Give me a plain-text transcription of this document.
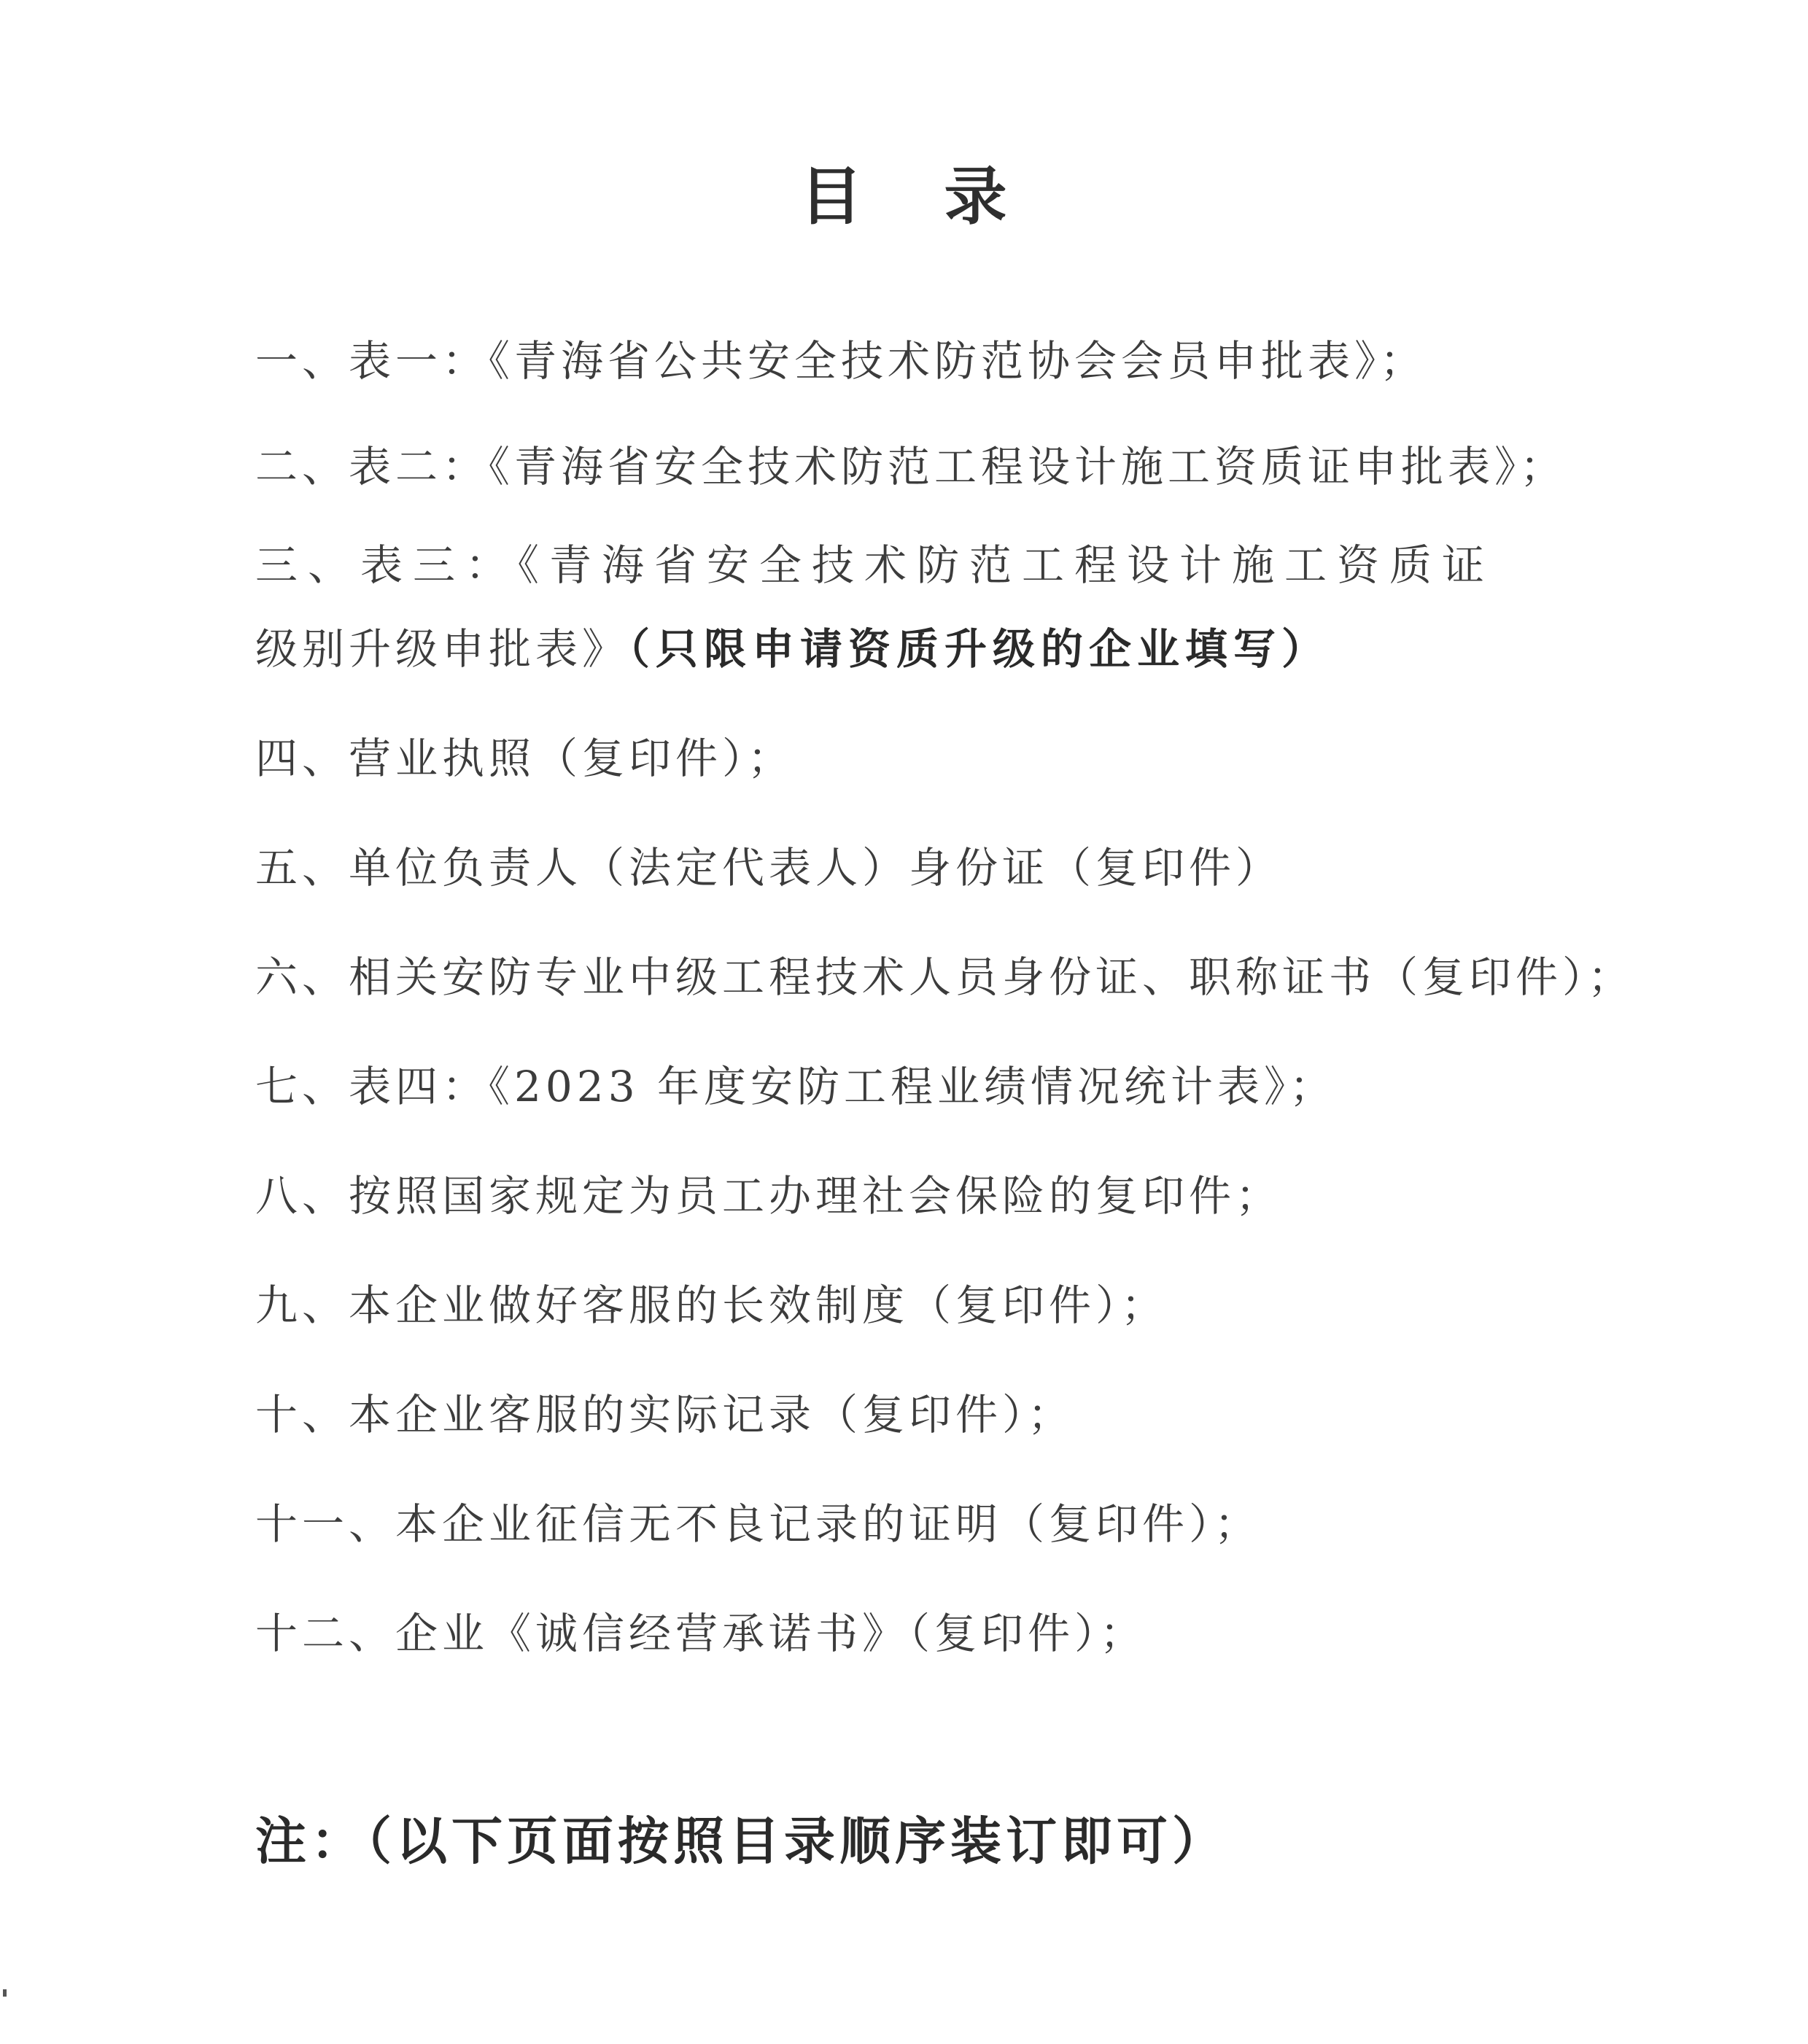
目 录
一、表一：《青海省公共安全技术防范协会会员申批表》；
二、表二：《青海省安全技术防范工程设计施工资质证申批表》；
三、表三：《青海省安全技术防范工程设计施工资质证
级别升级申批表》（只限申请资质升级的企业填写）
四、营业执照（复印件）；
五、单位负责人（法定代表人）身份证（复印件）
六、相关安防专业中级工程技术人员身份证、职称证书（复印件）；
七、表四：《2023 年度安防工程业绩情况统计表》；
八、按照国家规定为员工办理社会保险的复印件；
九、本企业做好客服的长效制度（复印件）；
十、本企业客服的实际记录（复印件）；
十一、本企业征信无不良记录的证明（复印件）；
十二、企业《诚信经营承诺书》（复印件）；
注：（以下页面按照目录顺序装订即可）
